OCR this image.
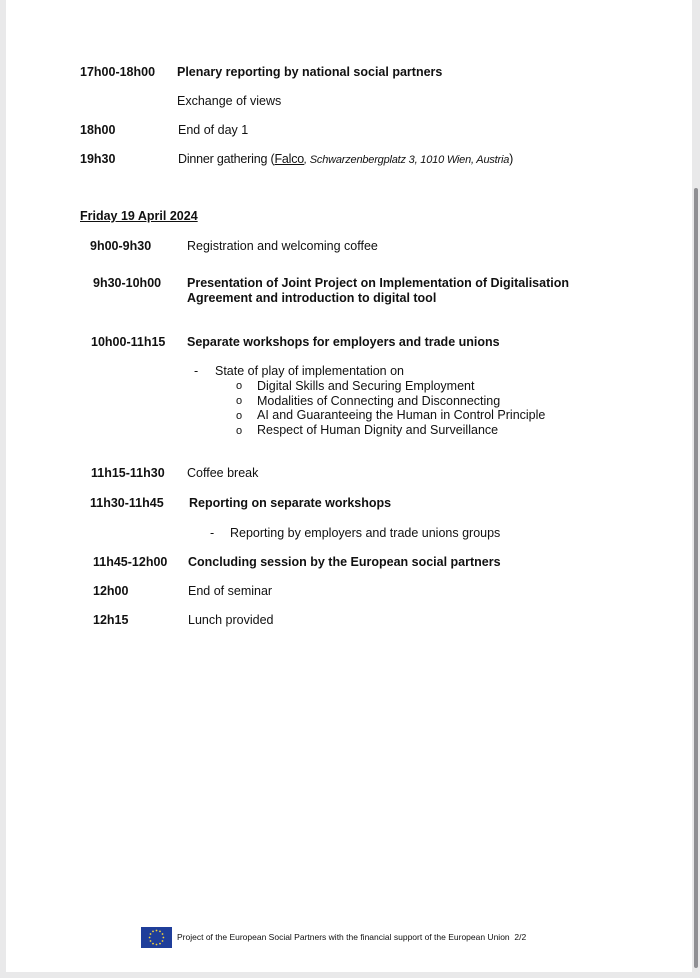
17h00-18h00 Plenary reporting by national social partners
Exchange of views
18h00	End of day 1
19h30	Dinner gathering (Falco, Schwarzenbergplatz 3, 1010 Wien, Austria)
Friday 19 April 2024
9h00-9h30	Registration and welcoming coffee
9h30-10h00 Presentation of Joint Project on Implementation of Digitalisation
Agreement and introduction to digital tool
10h00-11h15 Separate workshops for employers and trade unions
- State of play of implementation on
o Digital Skills and Securing Employment
o Modalities of Connecting and Disconnecting
o AI and Guaranteeing the Human in Control Principle
o Respect of Human Dignity and Surveillance
11h15-11h30 Coffee break
11h30-11h45 Reporting on separate workshops
- Reporting by employers and trade unions groups
11h45-12h00 Concluding session by the European social partners
12h00	End of seminar
12h15	Lunch provided
Project of the European Social Partners with the financial support of the European Union 2/2
